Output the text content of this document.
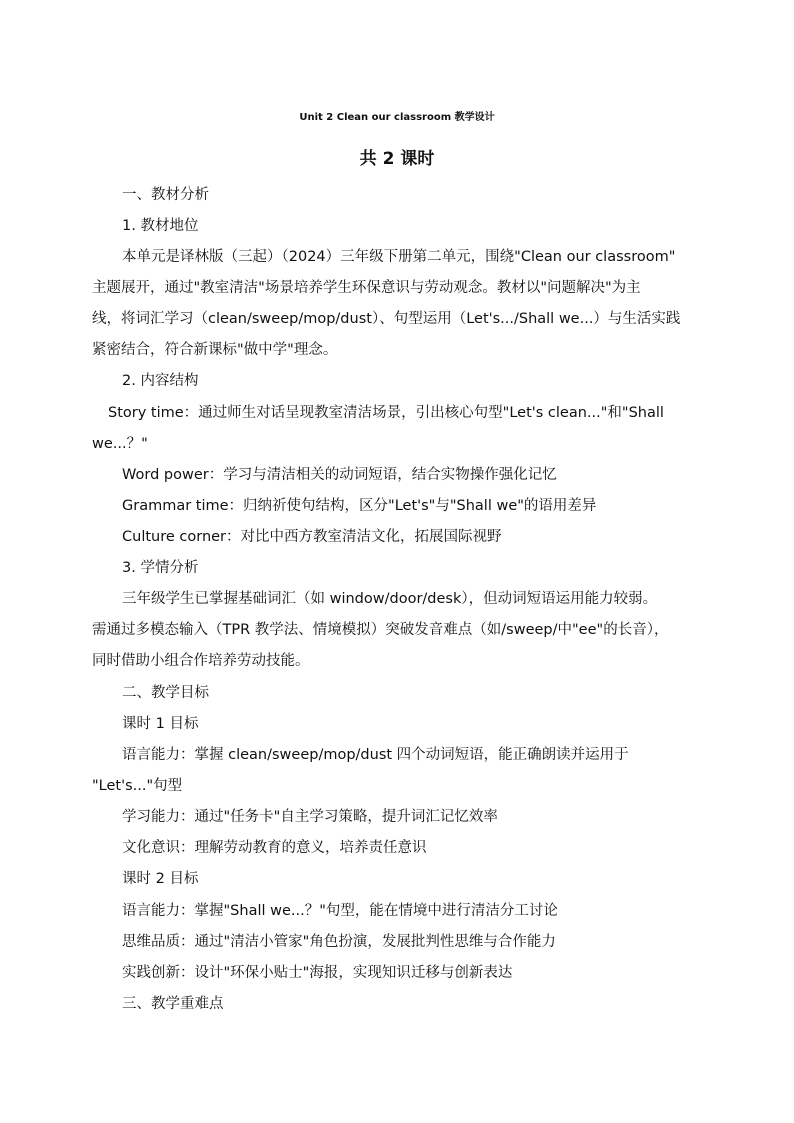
Unit 2 Clean our classroom 教学设计
共 2 课时
一、教材分析
1. 教材地位
本单元是译林版（三起）（2024）三年级下册第二单元，围绕"Clean our classroom"
主题展开，通过"教室清洁"场景培养学生环保意识与劳动观念。教材以"问题解决"为主
线，将词汇学习（clean/sweep/mop/dust）、句型运用（Let's.../Shall we...）与生活实践
紧密结合，符合新课标"做中学"理念。
2. 内容结构
Story time：通过师生对话呈现教室清洁场景，引出核心句型"Let's clean..."和"Shall
we...？"
Word power：学习与清洁相关的动词短语，结合实物操作强化记忆
Grammar time：归纳祈使句结构，区分"Let's"与"Shall we"的语用差异
Culture corner：对比中西方教室清洁文化，拓展国际视野
3. 学情分析
三年级学生已掌握基础词汇（如 window/door/desk），但动词短语运用能力较弱。
需通过多模态输入（TPR 教学法、情境模拟）突破发音难点（如/sweep/中"ee"的长音），
同时借助小组合作培养劳动技能。
二、教学目标
课时 1 目标
语言能力：掌握 clean/sweep/mop/dust 四个动词短语，能正确朗读并运用于
"Let's..."句型
学习能力：通过"任务卡"自主学习策略，提升词汇记忆效率
文化意识：理解劳动教育的意义，培养责任意识
课时 2 目标
语言能力：掌握"Shall we...？"句型，能在情境中进行清洁分工讨论
思维品质：通过"清洁小管家"角色扮演，发展批判性思维与合作能力
实践创新：设计"环保小贴士"海报，实现知识迁移与创新表达
三、教学重难点
